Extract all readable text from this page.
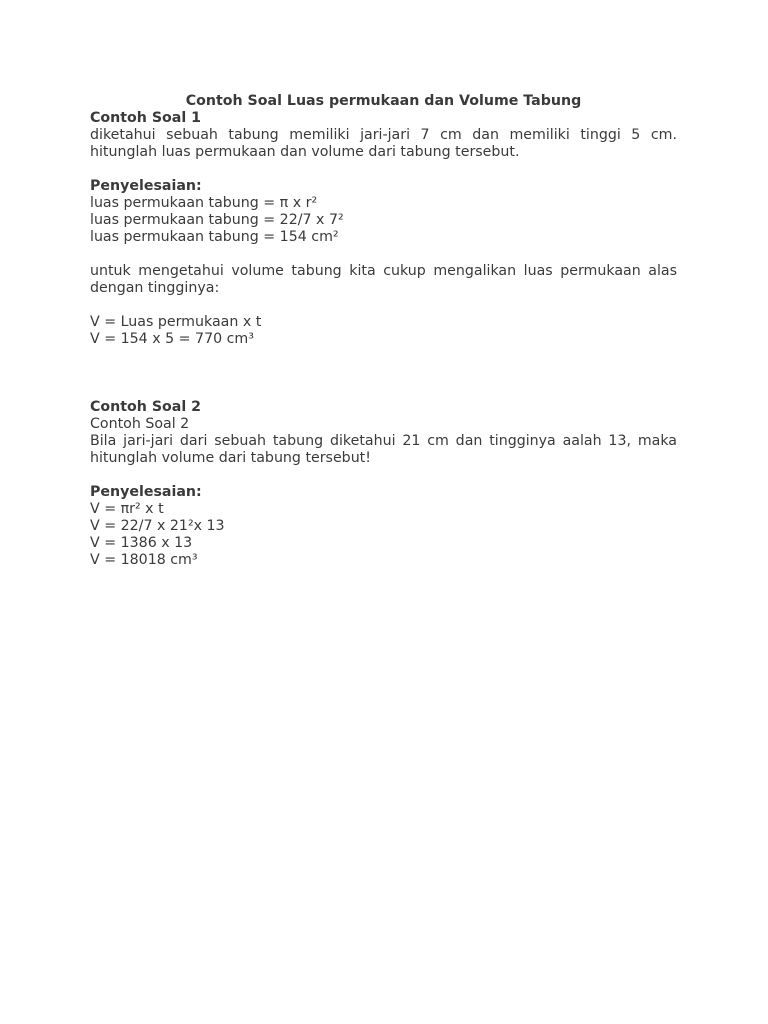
Contoh Soal Luas permukaan dan Volume Tabung

Contoh Soal 1

diketahui sebuah tabung memiliki jari-jari 7 cm dan memiliki tinggi 5 cm. hitunglah luas permukaan dan volume dari tabung tersebut.

Penyelesaian:

luas permukaan tabung = π x r²

luas permukaan tabung = 22/7 x 7²

luas permukaan tabung = 154 cm²

untuk mengetahui volume tabung kita cukup mengalikan luas permukaan alas dengan tingginya:

V = Luas permukaan x t

V = 154 x 5 = 770 cm³

Contoh Soal 2

Contoh Soal 2

Bila jari-jari dari sebuah tabung diketahui 21 cm dan tingginya aalah 13, maka hitunglah volume dari tabung tersebut!

Penyelesaian:

V = πr² x t

V = 22/7 x 21²x 13

V = 1386 x 13

V = 18018 cm³
